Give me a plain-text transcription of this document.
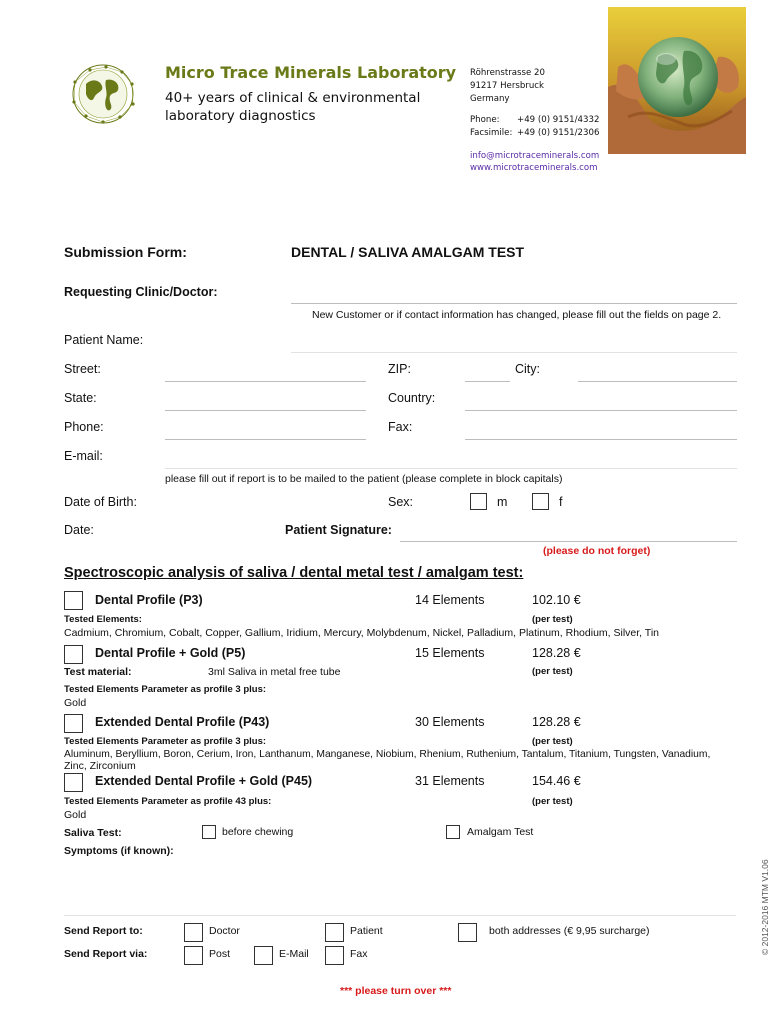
Micro Trace Minerals Laboratory
40+ years of clinical & environmental
laboratory diagnostics
Röhrenstrasse 20
91217 Hersbruck
Germany
Phone: +49 (0) 9151/4332
Facsimile: +49 (0) 9151/2306
info@microtraceminerals.com
www.microtraceminerals.com
Submission Form:	DENTAL / SALIVA AMALGAM TEST
Requesting Clinic/Doctor:
New Customer or if contact information has changed, please fill out the fields on page 2.
Patient Name:
Street:	ZIP:	City:
State:	Country:
Phone:	Fax:
E-mail:
please fill out if report is to be mailed to the patient (please complete in block capitals)
Date of Birth:	Sex:	m	f
Date:	Patient Signature:
(please do not forget)
Spectroscopic analysis of saliva / dental metal test / amalgam test:
Dental Profile (P3)	14 Elements	102.10 €
Tested Elements:	(per test)
Cadmium, Chromium, Cobalt, Copper, Gallium, Iridium, Mercury, Molybdenum, Nickel, Palladium, Platinum, Rhodium, Silver, Tin
Dental Profile + Gold (P5)	15 Elements	128.28 €
Test material:	3ml Saliva in metal free tube	(per test)
Tested Elements Parameter as profile 3 plus:
Gold
Extended Dental Profile (P43)	30 Elements	128.28 €
Tested Elements Parameter as profile 3 plus:	(per test)
Aluminum, Beryllium, Boron, Cerium, Iron, Lanthanum, Manganese, Niobium, Rhenium, Ruthenium, Tantalum, Titanium, Tungsten, Vanadium,
Zinc, Zirconium
Extended Dental Profile + Gold (P45)	31 Elements	154.46 €
Tested Elements Parameter as profile 43 plus:	(per test)
Gold
Saliva Test:	before chewing	Amalgam Test
Symptoms (if known):
Send Report to:	Doctor	Patient	both addresses (€ 9,95 surcharge)
Send Report via:	Post	E-Mail	Fax
*** please turn over ***
© 2012-2016 MTM V1.06
